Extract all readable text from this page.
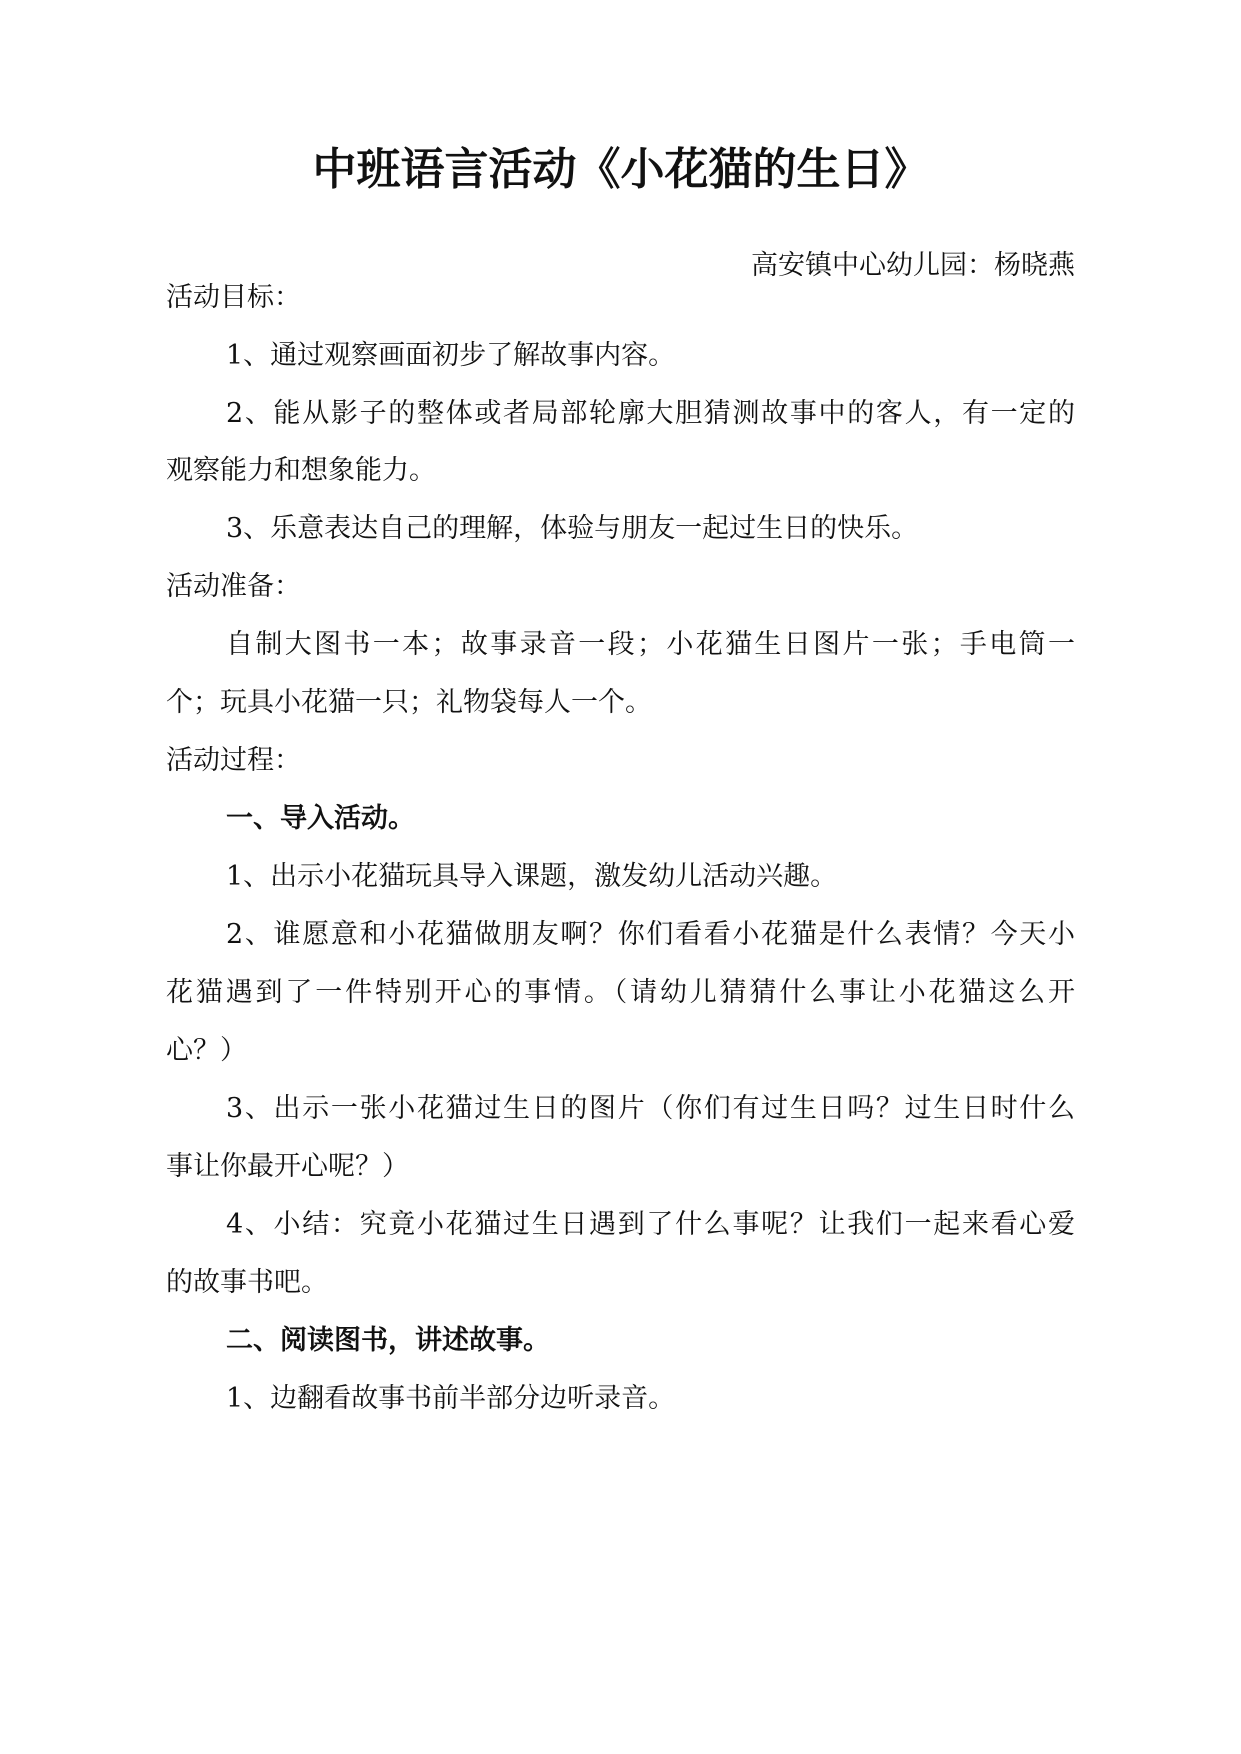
中班语言活动《小花猫的生日》
高安镇中心幼儿园：杨晓燕
活动目标：
1、通过观察画面初步了解故事内容。
2、能从影子的整体或者局部轮廓大胆猜测故事中的客人，有一定的
观察能力和想象能力。
3、乐意表达自己的理解，体验与朋友一起过生日的快乐。
活动准备：
自制大图书一本；故事录音一段；小花猫生日图片一张；手电筒一
个；玩具小花猫一只；礼物袋每人一个。
活动过程：
一、导入活动。
1、出示小花猫玩具导入课题，激发幼儿活动兴趣。
2、谁愿意和小花猫做朋友啊？你们看看小花猫是什么表情？今天小
花猫遇到了一件特别开心的事情。（请幼儿猜猜什么事让小花猫这么开
心？）
3、出示一张小花猫过生日的图片（你们有过生日吗？过生日时什么
事让你最开心呢？）
4、小结：究竟小花猫过生日遇到了什么事呢？让我们一起来看心爱
的故事书吧。
二、阅读图书，讲述故事。
1、边翻看故事书前半部分边听录音。
